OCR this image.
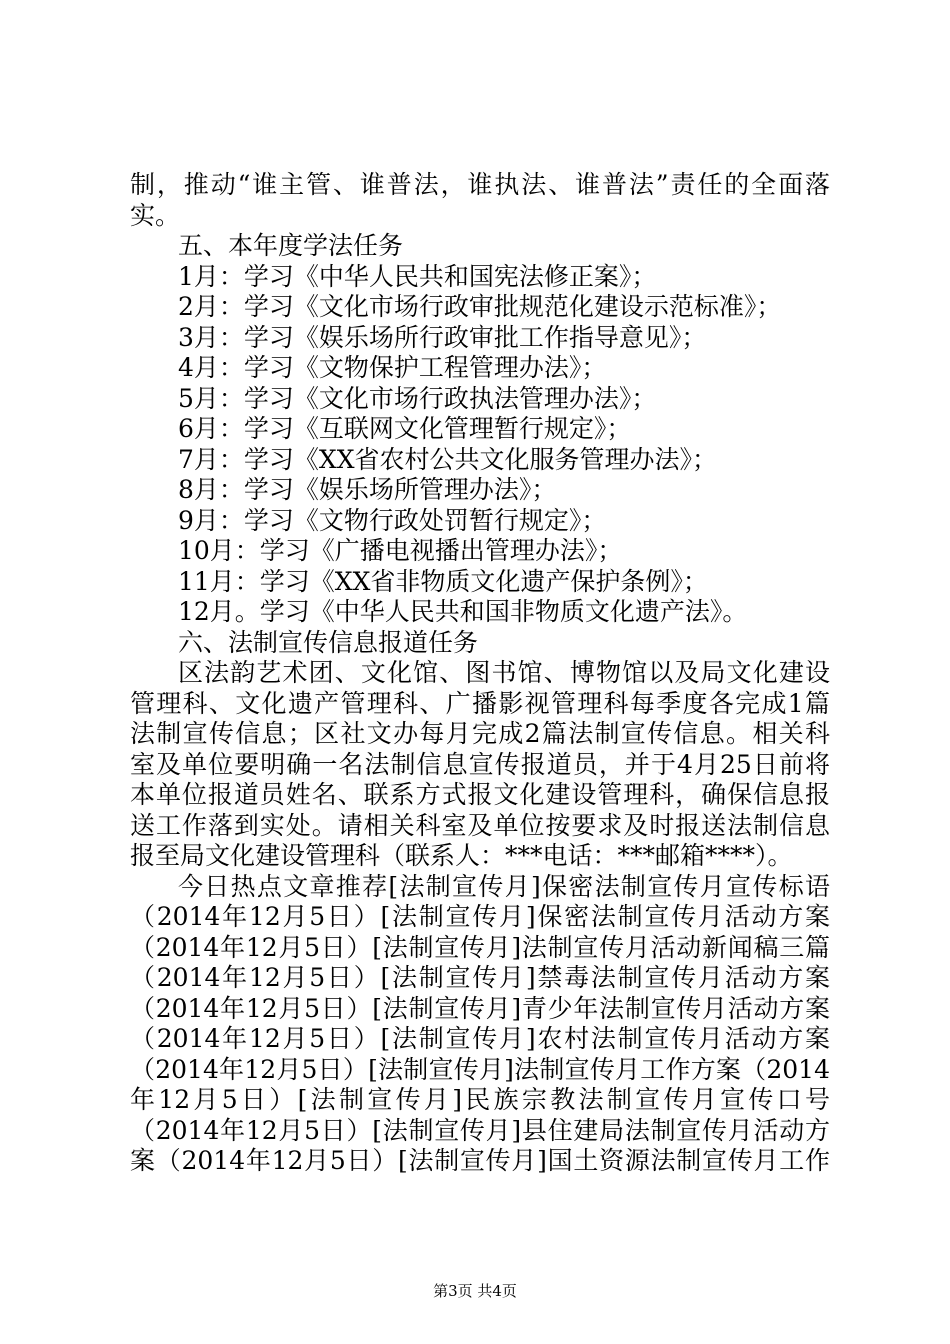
制，推动“谁主管、谁普法，谁执法、谁普法”责任的全面落
实。
五、本年度学法任务
1月：学习《中华人民共和国宪法修正案》；
2月：学习《文化市场行政审批规范化建设示范标准》；
3月：学习《娱乐场所行政审批工作指导意见》；
4月：学习《文物保护工程管理办法》；
5月：学习《文化市场行政执法管理办法》；
6月：学习《互联网文化管理暂行规定》；
7月：学习《XX省农村公共文化服务管理办法》；
8月：学习《娱乐场所管理办法》；
9月：学习《文物行政处罚暂行规定》；
10月：学习《广播电视播出管理办法》；
11月：学习《XX省非物质文化遗产保护条例》；
12月。学习《中华人民共和国非物质文化遗产法》。
六、法制宣传信息报道任务
区法韵艺术团、文化馆、图书馆、博物馆以及局文化建设
管理科、文化遗产管理科、广播影视管理科每季度各完成1篇
法制宣传信息；区社文办每月完成2篇法制宣传信息。相关科
室及单位要明确一名法制信息宣传报道员，并于4月25日前将
本单位报道员姓名、联系方式报文化建设管理科，确保信息报
送工作落到实处。请相关科室及单位按要求及时报送法制信息
报至局文化建设管理科（联系人：***电话：***邮箱****）。
今日热点文章推荐[法制宣传月]保密法制宣传月宣传标语
（2014年12月5日）[法制宣传月]保密法制宣传月活动方案
（2014年12月5日）[法制宣传月]法制宣传月活动新闻稿三篇
（2014年12月5日）[法制宣传月]禁毒法制宣传月活动方案
（2014年12月5日）[法制宣传月]青少年法制宣传月活动方案
（2014年12月5日）[法制宣传月]农村法制宣传月活动方案
（2014年12月5日）[法制宣传月]法制宣传月工作方案（2014
年12月5日）[法制宣传月]民族宗教法制宣传月宣传口号
（2014年12月5日）[法制宣传月]县住建局法制宣传月活动方
案（2014年12月5日）[法制宣传月]国土资源法制宣传月工作
第3页 共4页
